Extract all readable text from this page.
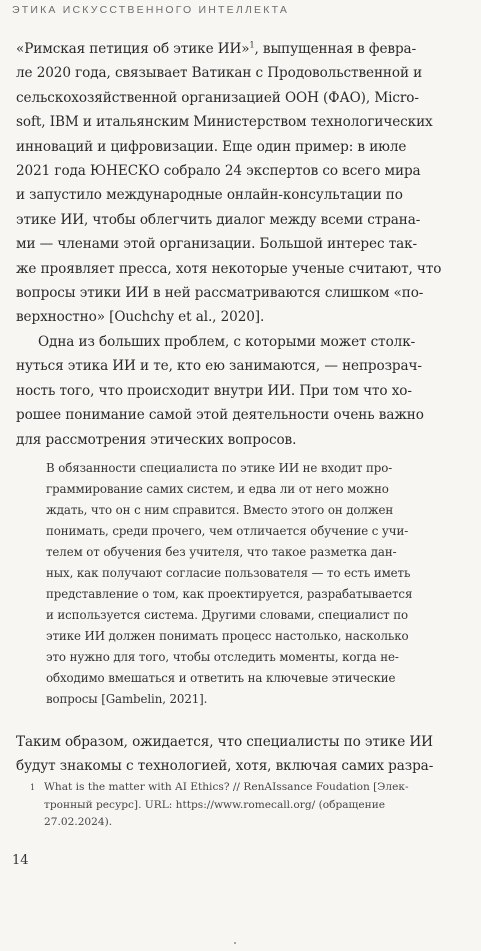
ЭТИКА ИСКУССТВЕННОГО ИНТЕЛЛЕКТА
«Римская петиция об этике ИИ»$^1$, выпущенная в февра-
ле 2020 года, связывает Ватикан с Продовольственной и
сельскохозяйственной организацией ООН (ФАО), Micro-
soft, IBM и итальянским Министерством технологических
инноваций и цифровизации. Еще один пример: в июле
2021 года ЮНЕСКО собрало 24 экспертов со всего мира
и запустило международные онлайн-консультации по
этике ИИ, чтобы облегчить диалог между всеми страна-
ми — членами этой организации. Большой интерес так-
же проявляет пресса, хотя некоторые ученые считают, что
вопросы этики ИИ в ней рассматриваются слишком «по-
верхностно» [Ouchchy et al., 2020].
Одна из больших проблем, с которыми может столк-
нуться этика ИИ и те, кто ею занимаются, — непрозрач-
ность того, что происходит внутри ИИ. При том что хо-
рошее понимание самой этой деятельности очень важно
для рассмотрения этических вопросов.
В обязанности специалиста по этике ИИ не входит про-
граммирование самих систем, и едва ли от него можно
ждать, что он с ним справится. Вместо этого он должен
понимать, среди прочего, чем отличается обучение с учи-
телем от обучения без учителя, что такое разметка дан-
ных, как получают согласие пользователя — то есть иметь
представление о том, как проектируется, разрабатывается
и используется система. Другими словами, специалист по
этике ИИ должен понимать процесс настолько, насколько
это нужно для того, чтобы отследить моменты, когда не-
обходимо вмешаться и ответить на ключевые этические
вопросы [Gambelin, 2021].
Таким образом, ожидается, что специалисты по этике ИИ
будут знакомы с технологией, хотя, включая самих разра-
1 What is the matter with AI Ethics? // RenAIssance Foudation [Элек-
тронный ресурс]. URL: https://www.romecall.org/ (обращение
27.02.2024).
14
